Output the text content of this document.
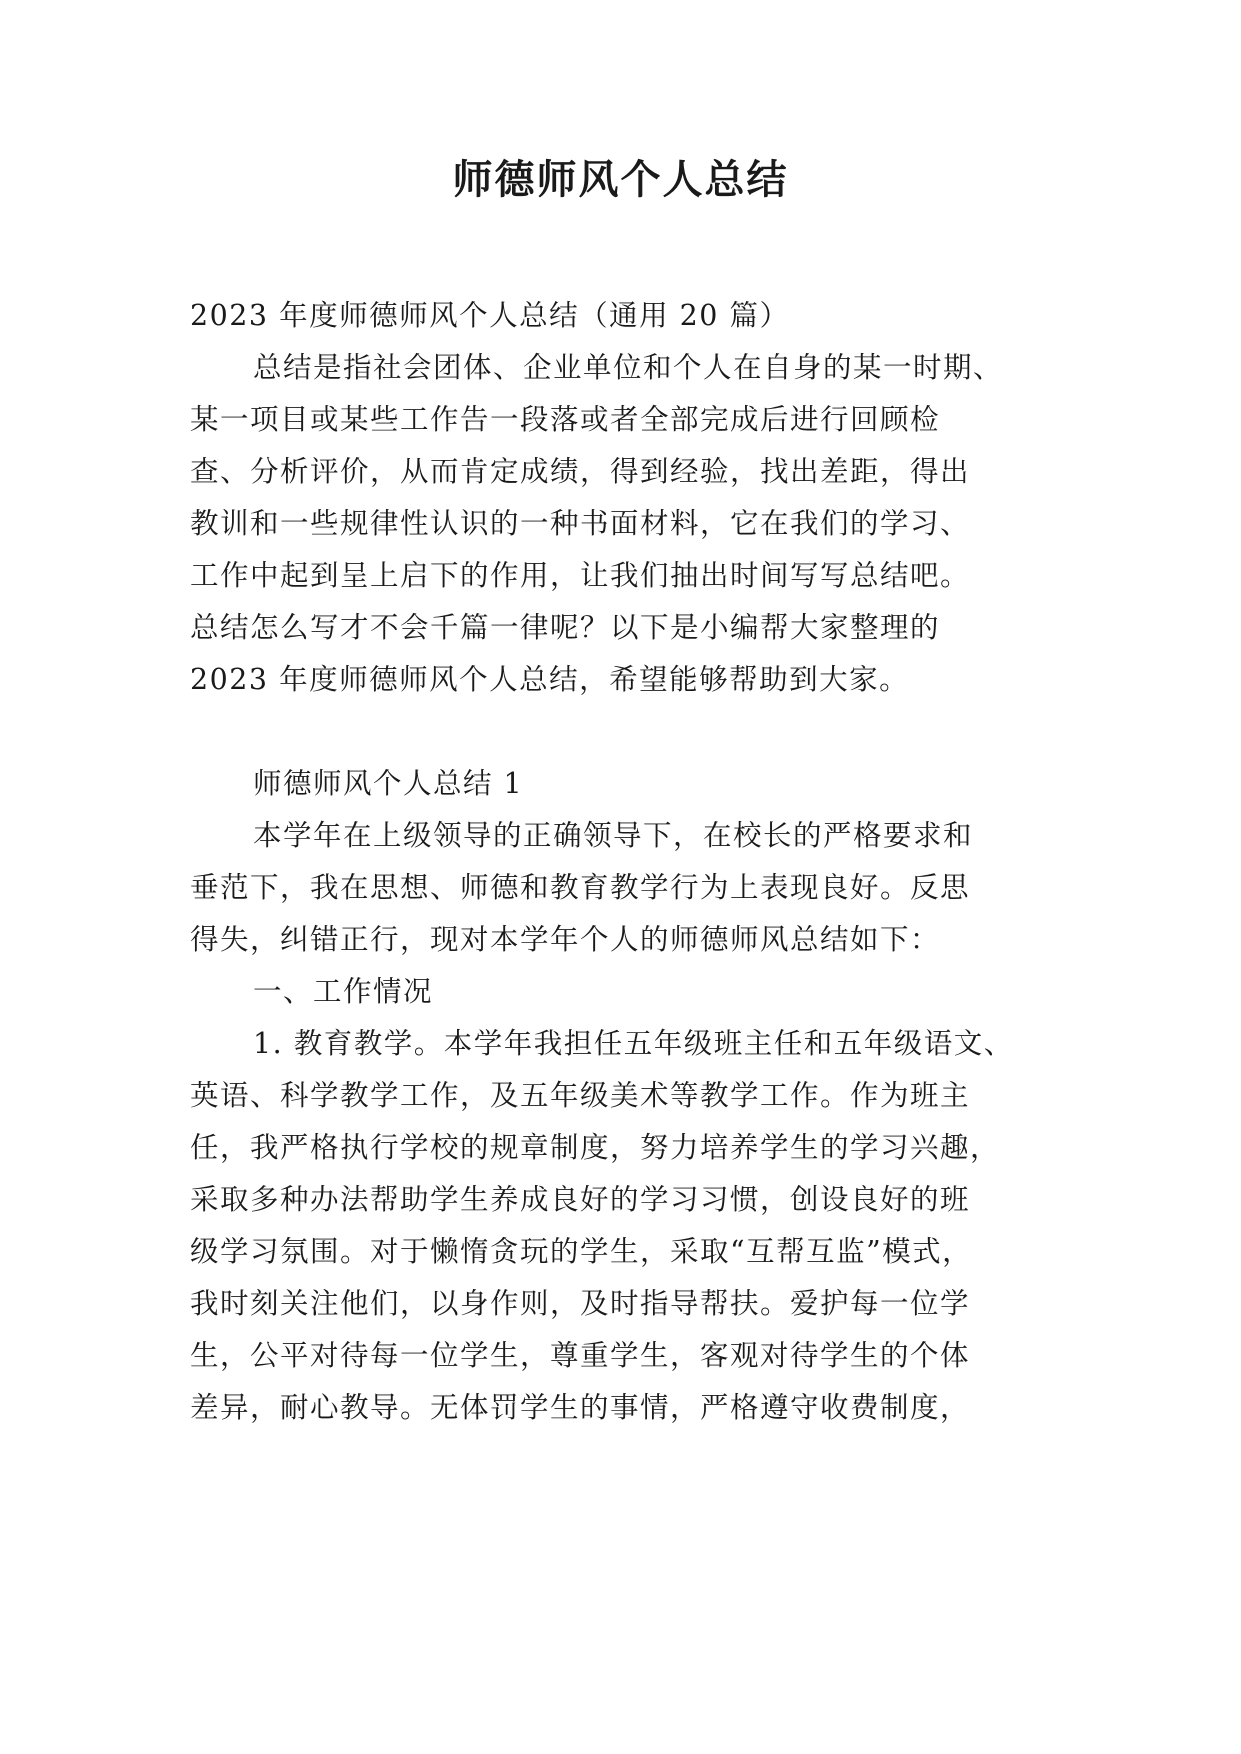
师德师风个人总结
2023 年度师德师风个人总结（通用 20 篇）
总结是指社会团体、企业单位和个人在自身的某一时期、
某一项目或某些工作告一段落或者全部完成后进行回顾检
查、分析评价，从而肯定成绩，得到经验，找出差距，得出
教训和一些规律性认识的一种书面材料，它在我们的学习、
工作中起到呈上启下的作用，让我们抽出时间写写总结吧。
总结怎么写才不会千篇一律呢？以下是小编帮大家整理的
2023 年度师德师风个人总结，希望能够帮助到大家。
师德师风个人总结 1
本学年在上级领导的正确领导下，在校长的严格要求和
垂范下，我在思想、师德和教育教学行为上表现良好。反思
得失，纠错正行，现对本学年个人的师德师风总结如下：
一、工作情况
1. 教育教学。本学年我担任五年级班主任和五年级语文、
英语、科学教学工作，及五年级美术等教学工作。作为班主
任，我严格执行学校的规章制度，努力培养学生的学习兴趣，
采取多种办法帮助学生养成良好的学习习惯，创设良好的班
级学习氛围。对于懒惰贪玩的学生，采取“互帮互监”模式，
我时刻关注他们，以身作则，及时指导帮扶。爱护每一位学
生，公平对待每一位学生，尊重学生，客观对待学生的个体
差异，耐心教导。无体罚学生的事情，严格遵守收费制度，
